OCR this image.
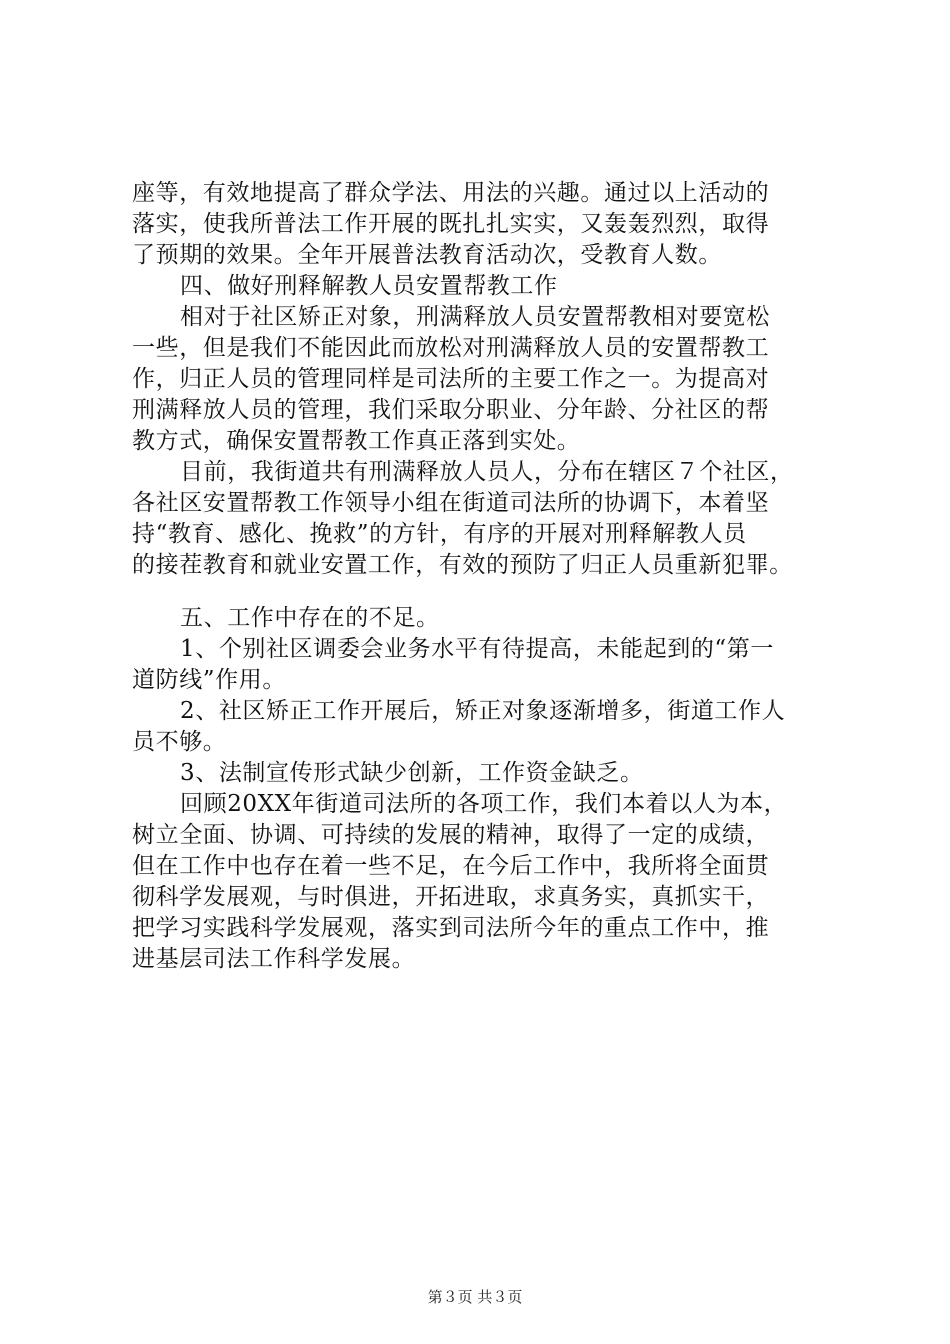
座等，有效地提高了群众学法、用法的兴趣。通过以上活动的
落实，使我所普法工作开展的既扎扎实实，又轰轰烈烈，取得
了预期的效果。全年开展普法教育活动次，受教育人数。
四、做好刑释解教人员安置帮教工作
相对于社区矫正对象，刑满释放人员安置帮教相对要宽松
一些，但是我们不能因此而放松对刑满释放人员的安置帮教工
作，归正人员的管理同样是司法所的主要工作之一。为提高对
刑满释放人员的管理，我们采取分职业、分年龄、分社区的帮
教方式，确保安置帮教工作真正落到实处。
目前，我街道共有刑满释放人员人，分布在辖区７个社区，
各社区安置帮教工作领导小组在街道司法所的协调下，本着坚
持“教育、感化、挽救”的方针，有序的开展对刑释解教人员
的接茬教育和就业安置工作，有效的预防了归正人员重新犯罪。
五、工作中存在的不足。
1、个别社区调委会业务水平有待提高，未能起到的“第一
道防线”作用。
2、社区矫正工作开展后，矫正对象逐渐增多，街道工作人
员不够。
3、法制宣传形式缺少创新，工作资金缺乏。
回顾20XX年街道司法所的各项工作，我们本着以人为本，
树立全面、协调、可持续的发展的精神，取得了一定的成绩，
但在工作中也存在着一些不足，在今后工作中，我所将全面贯
彻科学发展观，与时俱进，开拓进取，求真务实，真抓实干，
把学习实践科学发展观，落实到司法所今年的重点工作中，推
进基层司法工作科学发展。
第３页 共３页
